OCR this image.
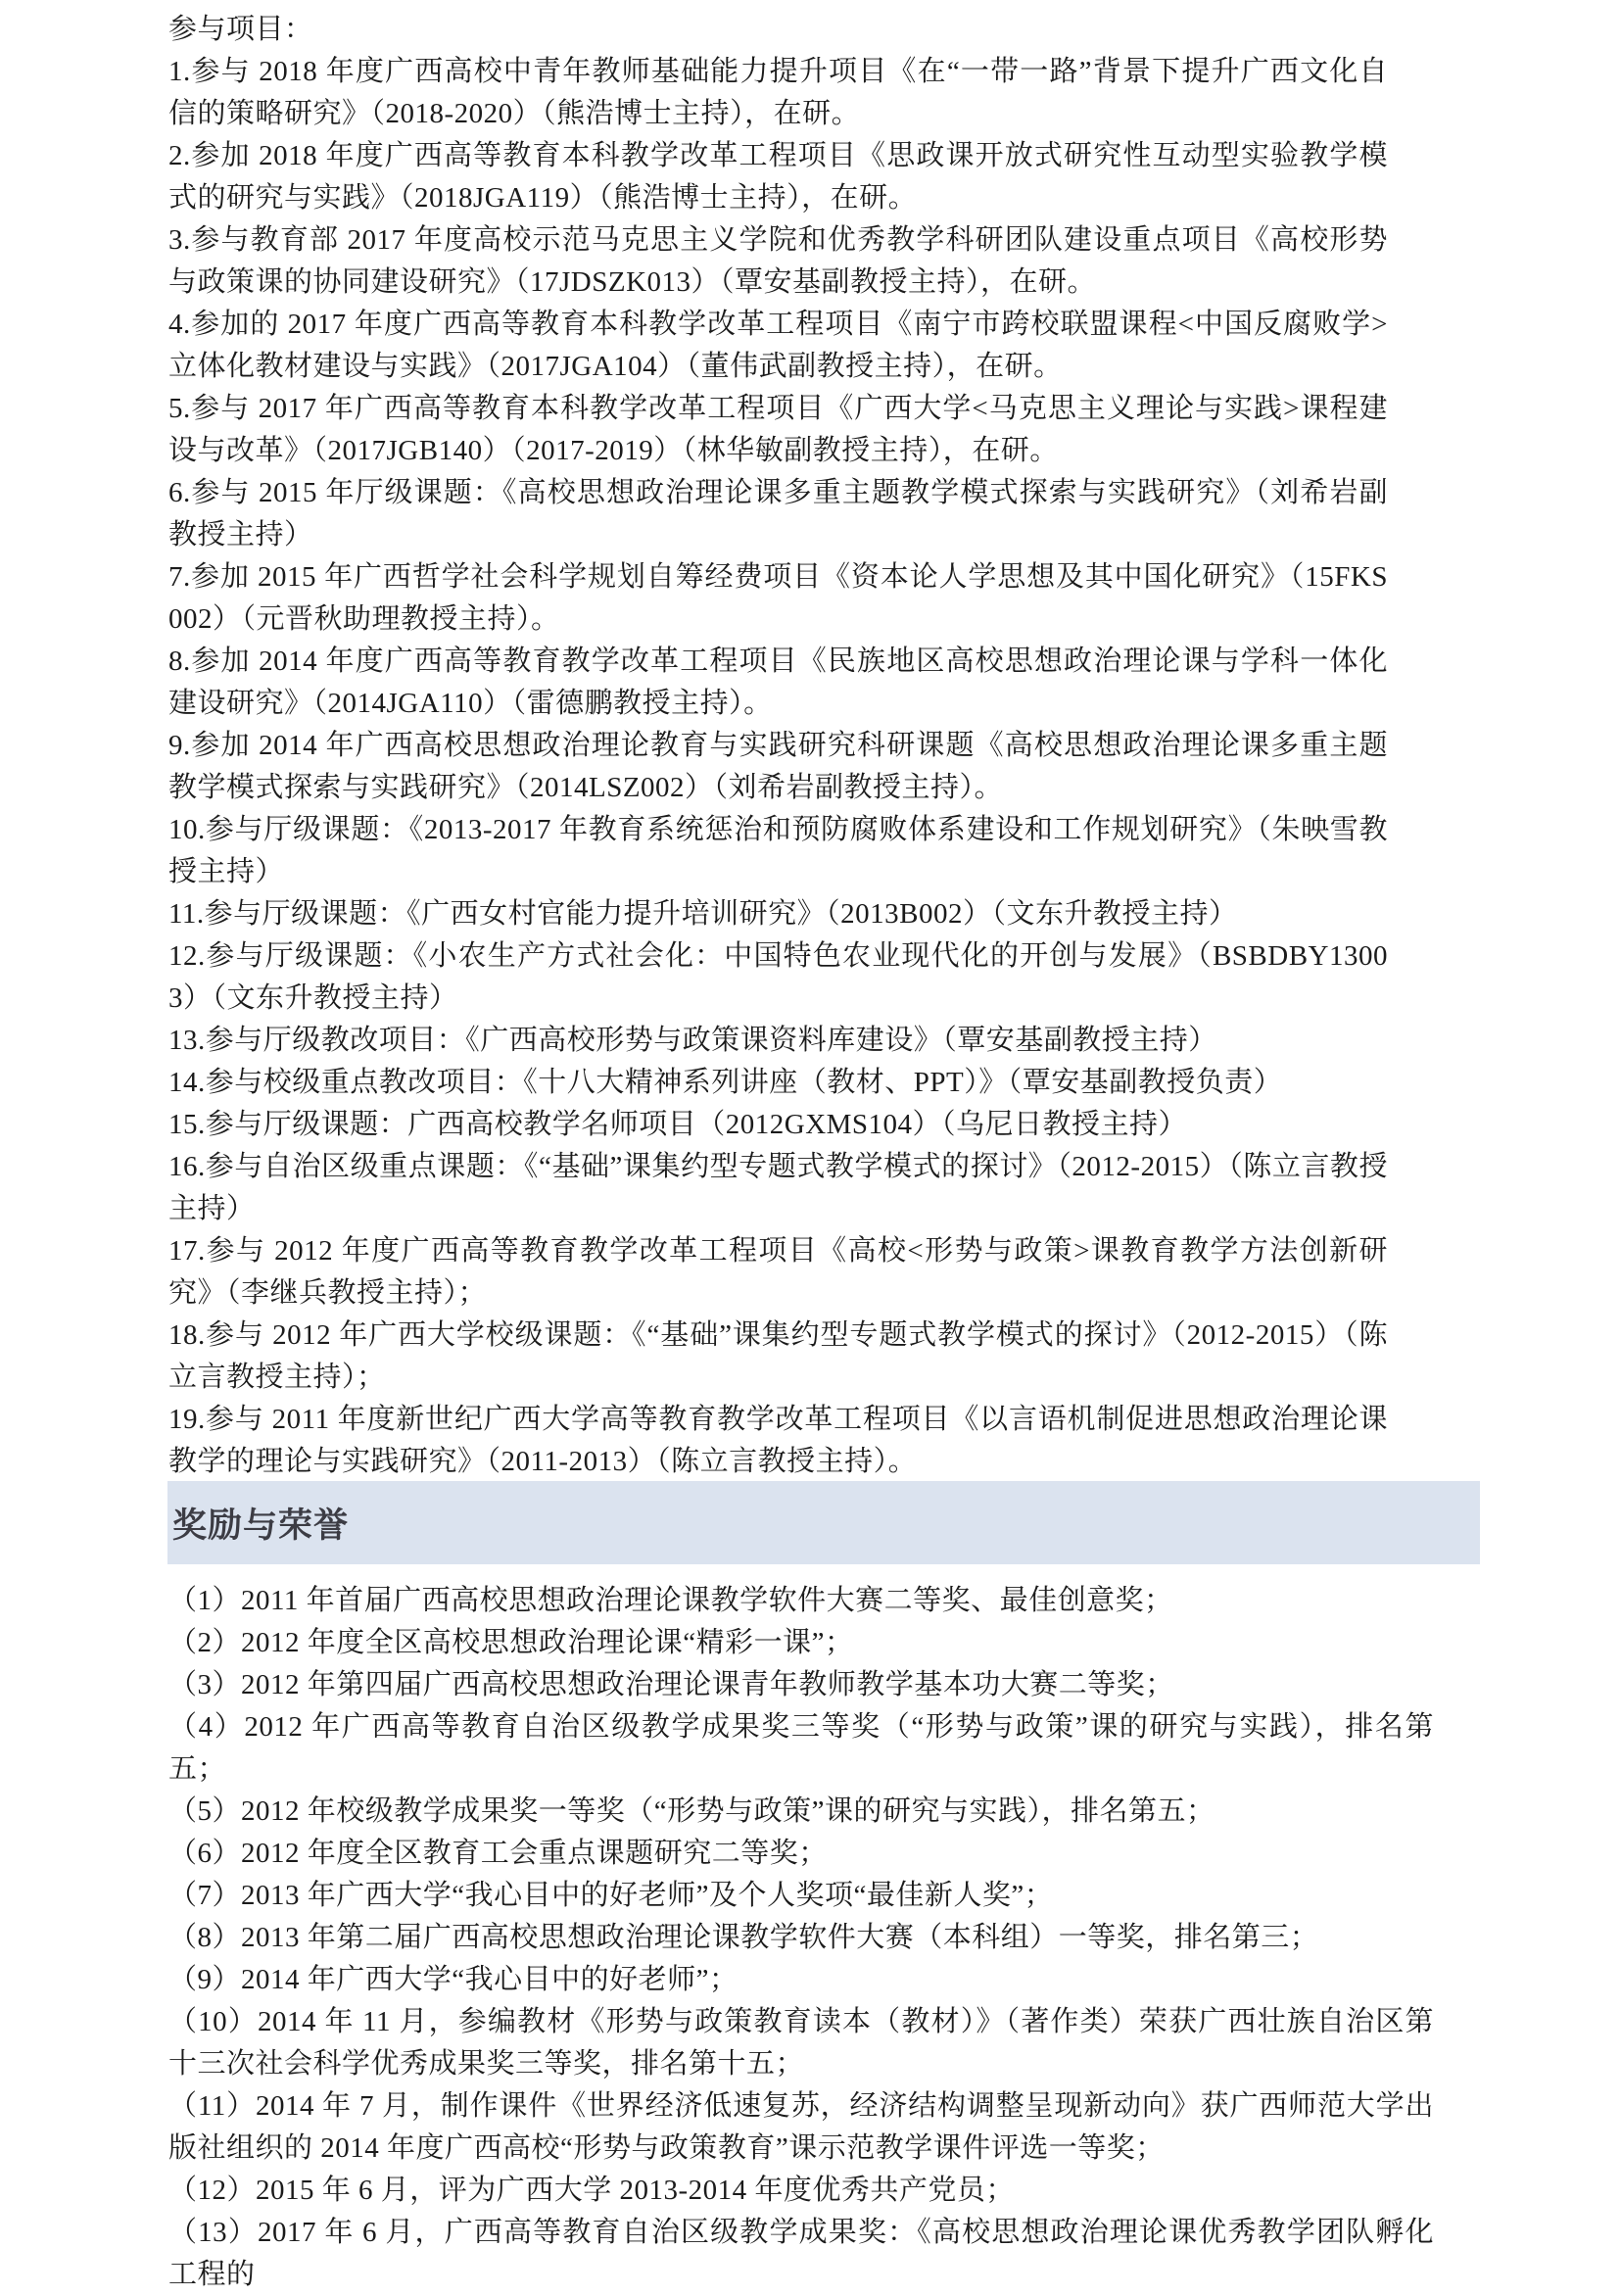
参与项目：

1.参与 2018 年度广西高校中青年教师基础能力提升项目《在“一带一路”背景下提升广西文化自信的策略研究》（2018-2020）（熊浩博士主持），在研。

2.参加 2018 年度广西高等教育本科教学改革工程项目《思政课开放式研究性互动型实验教学模式的研究与实践》（2018JGA119）（熊浩博士主持），在研。

3.参与教育部 2017 年度高校示范马克思主义学院和优秀教学科研团队建设重点项目《高校形势与政策课的协同建设研究》（17JDSZK013）（覃安基副教授主持），在研。

4.参加的 2017 年度广西高等教育本科教学改革工程项目《南宁市跨校联盟课程<中国反腐败学>立体化教材建设与实践》（2017JGA104）（董伟武副教授主持），在研。

5.参与 2017 年广西高等教育本科教学改革工程项目《广西大学<马克思主义理论与实践>课程建设与改革》（2017JGB140）（2017-2019）（林华敏副教授主持），在研。

6.参与 2015 年厅级课题：《高校思想政治理论课多重主题教学模式探索与实践研究》（刘希岩副教授主持）

7.参加 2015 年广西哲学社会科学规划自筹经费项目《资本论人学思想及其中国化研究》（15FKS002）（元晋秋助理教授主持）。

8.参加 2014 年度广西高等教育教学改革工程项目《民族地区高校思想政治理论课与学科一体化建设研究》（2014JGA110）（雷德鹏教授主持）。

9.参加 2014 年广西高校思想政治理论教育与实践研究科研课题《高校思想政治理论课多重主题教学模式探索与实践研究》（2014LSZ002）（刘希岩副教授主持）。

10.参与厅级课题：《2013-2017 年教育系统惩治和预防腐败体系建设和工作规划研究》（朱映雪教授主持）

11.参与厅级课题：《广西女村官能力提升培训研究》（2013B002）（文东升教授主持）

12.参与厅级课题：《小农生产方式社会化：中国特色农业现代化的开创与发展》（BSBDBY13003）（文东升教授主持）

13.参与厅级教改项目：《广西高校形势与政策课资料库建设》（覃安基副教授主持）

14.参与校级重点教改项目：《十八大精神系列讲座（教材、PPT）》（覃安基副教授负责）

15.参与厅级课题：广西高校教学名师项目（2012GXMS104）（乌尼日教授主持）

16.参与自治区级重点课题：《“基础”课集约型专题式教学模式的探讨》（2012-2015）（陈立言教授主持）

17.参与 2012 年度广西高等教育教学改革工程项目《高校<形势与政策>课教育教学方法创新研究》（李继兵教授主持）；

18.参与 2012 年广西大学校级课题：《“基础”课集约型专题式教学模式的探讨》（2012-2015）（陈立言教授主持）；

19.参与 2011 年度新世纪广西大学高等教育教学改革工程项目《以言语机制促进思想政治理论课教学的理论与实践研究》（2011-2013）（陈立言教授主持）。

奖励与荣誉

（1）2011 年首届广西高校思想政治理论课教学软件大赛二等奖、最佳创意奖；

（2）2012 年度全区高校思想政治理论课“精彩一课”；

（3）2012 年第四届广西高校思想政治理论课青年教师教学基本功大赛二等奖；

（4）2012 年广西高等教育自治区级教学成果奖三等奖（“形势与政策”课的研究与实践），排名第五；

（5）2012 年校级教学成果奖一等奖（“形势与政策”课的研究与实践），排名第五；

（6）2012 年度全区教育工会重点课题研究二等奖；

（7）2013 年广西大学“我心目中的好老师”及个人奖项“最佳新人奖”；

（8）2013 年第二届广西高校思想政治理论课教学软件大赛（本科组）一等奖，排名第三；

（9）2014 年广西大学“我心目中的好老师”；

（10）2014 年 11 月，参编教材《形势与政策教育读本（教材）》（著作类）荣获广西壮族自治区第十三次社会科学优秀成果奖三等奖，排名第十五；

（11）2014 年 7 月，制作课件《世界经济低速复苏，经济结构调整呈现新动向》获广西师范大学出版社组织的 2014 年度广西高校“形势与政策教育”课示范教学课件评选一等奖；

（12）2015 年 6 月，评为广西大学 2013-2014 年度优秀共产党员；

（13）2017 年 6 月，广西高等教育自治区级教学成果奖：《高校思想政治理论课优秀教学团队孵化工程的
